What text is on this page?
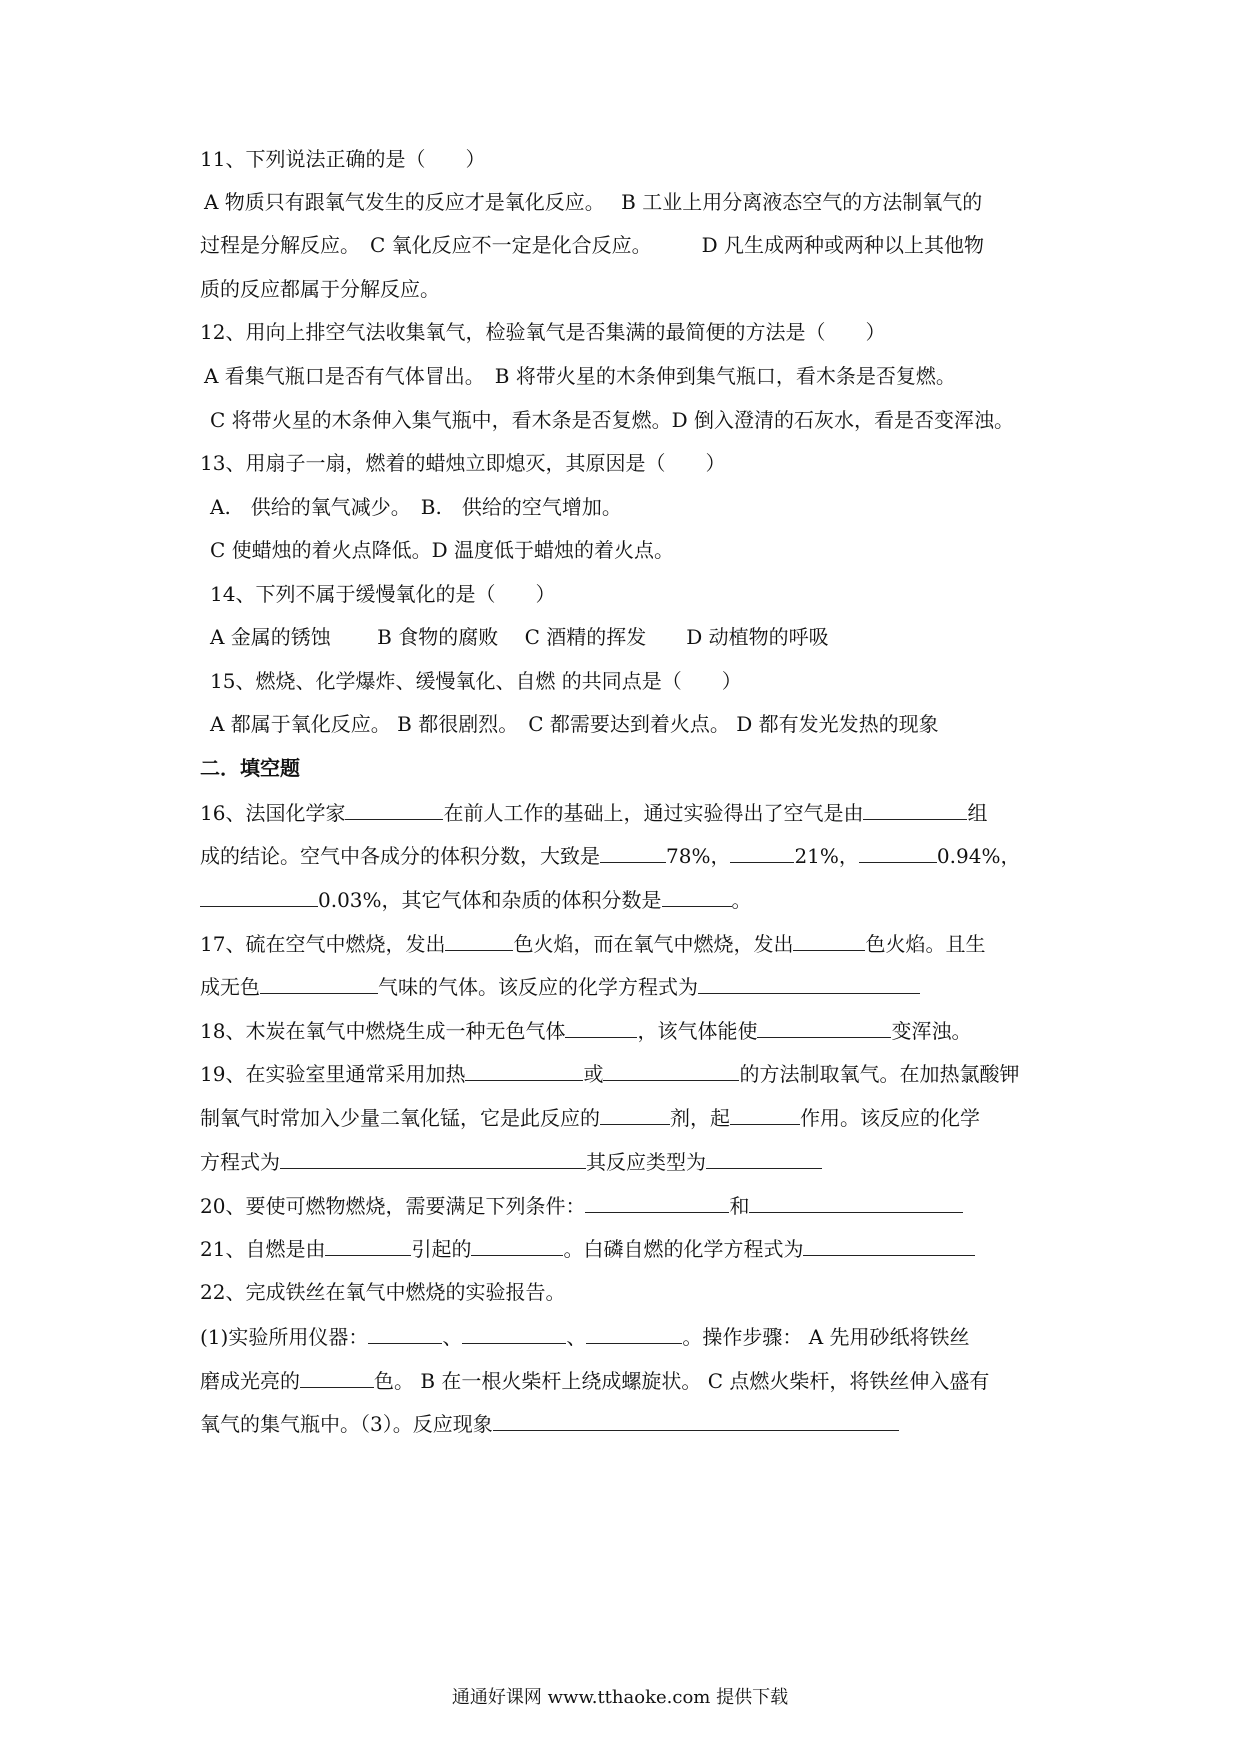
11、下列说法正确的是（　　）
A 物质只有跟氧气发生的反应才是氧化反应。　 B 工业上用分离液态空气的方法制氧气的
过程是分解反应。　C 氧化反应不一定是化合反应。　　　D 凡生成两种或两种以上其他物
质的反应都属于分解反应。
12、用向上排空气法收集氧气，检验氧气是否集满的最简便的方法是（　　）
A 看集气瓶口是否有气体冒出。　B 将带火星的木条伸到集气瓶口，看木条是否复燃。
C 将带火星的木条伸入集气瓶中，看木条是否复燃。D 倒入澄清的石灰水，看是否变浑浊。
13、用扇子一扇，燃着的蜡烛立即熄灭，其原因是（　　）
A.　供给的氧气减少。　B.　供给的空气增加。
C 使蜡烛的着火点降低。D 温度低于蜡烛的着火点。
14、下列不属于缓慢氧化的是（　　）
A 金属的锈蚀　　 B 食物的腐败　 C 酒精的挥发　　D 动植物的呼吸
15、燃烧、化学爆炸、缓慢氧化、自燃 的共同点是（　　）
A 都属于氧化反应。 B 都很剧烈。　C 都需要达到着火点。 D 都有发光发热的现象
二．填空题
16、法国化学家	在前人工作的基础上，通过实验得出了空气是由	组
成的结论。空气中各成分的体积分数，大致是	78%，	21%，	0.94%，
0.03%，其它气体和杂质的体积分数是	。
17、硫在空气中燃烧，发出	色火焰，而在氧气中燃烧，发出	色火焰。且生
成无色	气味的气体。该反应的化学方程式为
18、木炭在氧气中燃烧生成一种无色气体	，该气体能使	变浑浊。
19、在实验室里通常采用加热	或	的方法制取氧气。在加热氯酸钾
制氧气时常加入少量二氧化锰，它是此反应的	剂，起	作用。该反应的化学
方程式为	其反应类型为
20、要使可燃物燃烧，需要满足下列条件：	和
21、自燃是由	引起的	。白磷自燃的化学方程式为
22、完成铁丝在氧气中燃烧的实验报告。
(1)实验所用仪器：	、	、	。操作步骤： A 先用砂纸将铁丝
磨成光亮的	色。 B 在一根火柴杆上绕成螺旋状。 C 点燃火柴杆，将铁丝伸入盛有
氧气的集气瓶中。（3）。反应现象
通通好课网 www.tthaoke.com 提供下载
